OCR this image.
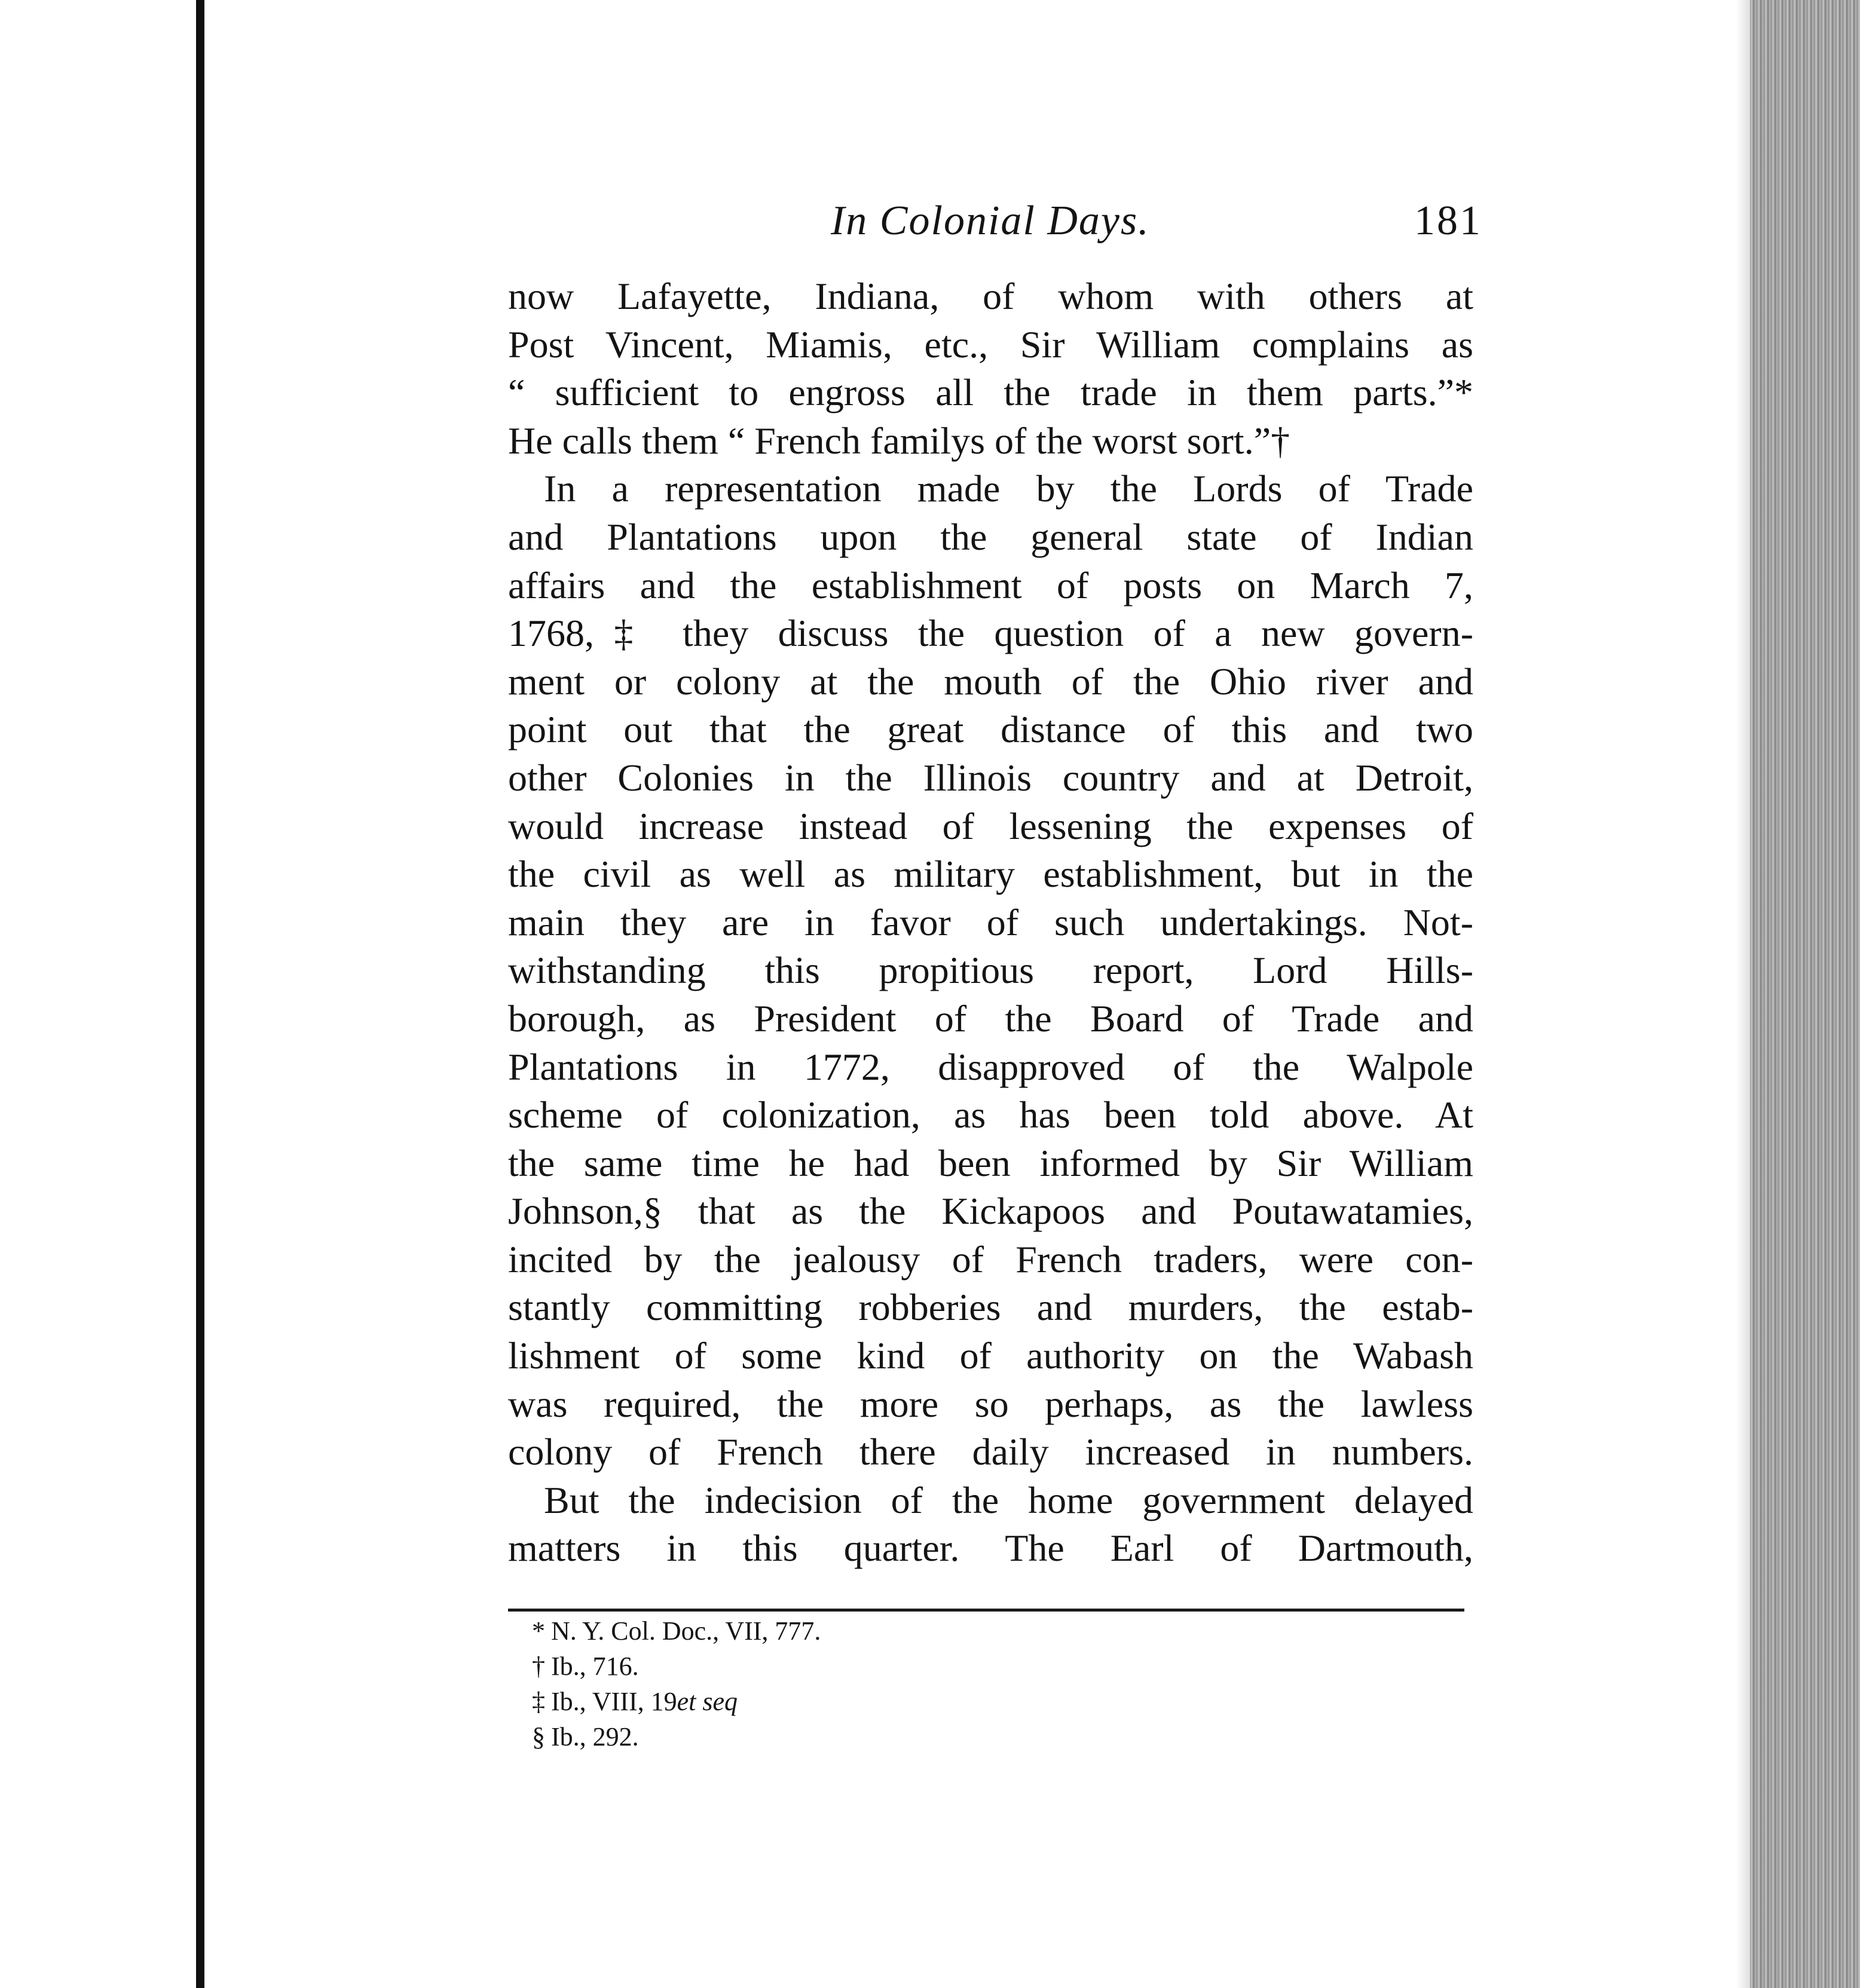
In Colonial Days.	181
now Lafayette, Indiana, of whom with others at
Post Vincent, Miamis, etc., Sir William complains as
“ sufficient to engross all the trade in them parts.”*
He calls them “ French familys of the worst sort.”†
In a representation made by the Lords of Trade
and Plantations upon the general state of Indian
affairs and the establishment of posts on March 7,
1768,‡ they discuss the question of a new govern-
ment or colony at the mouth of the Ohio river and
point out that the great distance of this and two
other Colonies in the Illinois country and at Detroit,
would increase instead of lessening the expenses of
the civil as well as military establishment, but in the
main they are in favor of such undertakings. Not-
withstanding this propitious report, Lord Hills-
borough, as President of the Board of Trade and
Plantations in 1772, disapproved of the Walpole
scheme of colonization, as has been told above. At
the same time he had been informed by Sir William
Johnson,§ that as the Kickapoos and Poutawatamies,
incited by the jealousy of French traders, were con-
stantly committing robberies and murders, the estab-
lishment of some kind of authority on the Wabash
was required, the more so perhaps, as the lawless
colony of French there daily increased in numbers.
But the indecision of the home government delayed
matters in this quarter. The Earl of Dartmouth,
* N. Y. Col. Doc., VII, 777.
† Ib., 716.
‡ Ib., VIII, 19et seq
§ Ib., 292.
